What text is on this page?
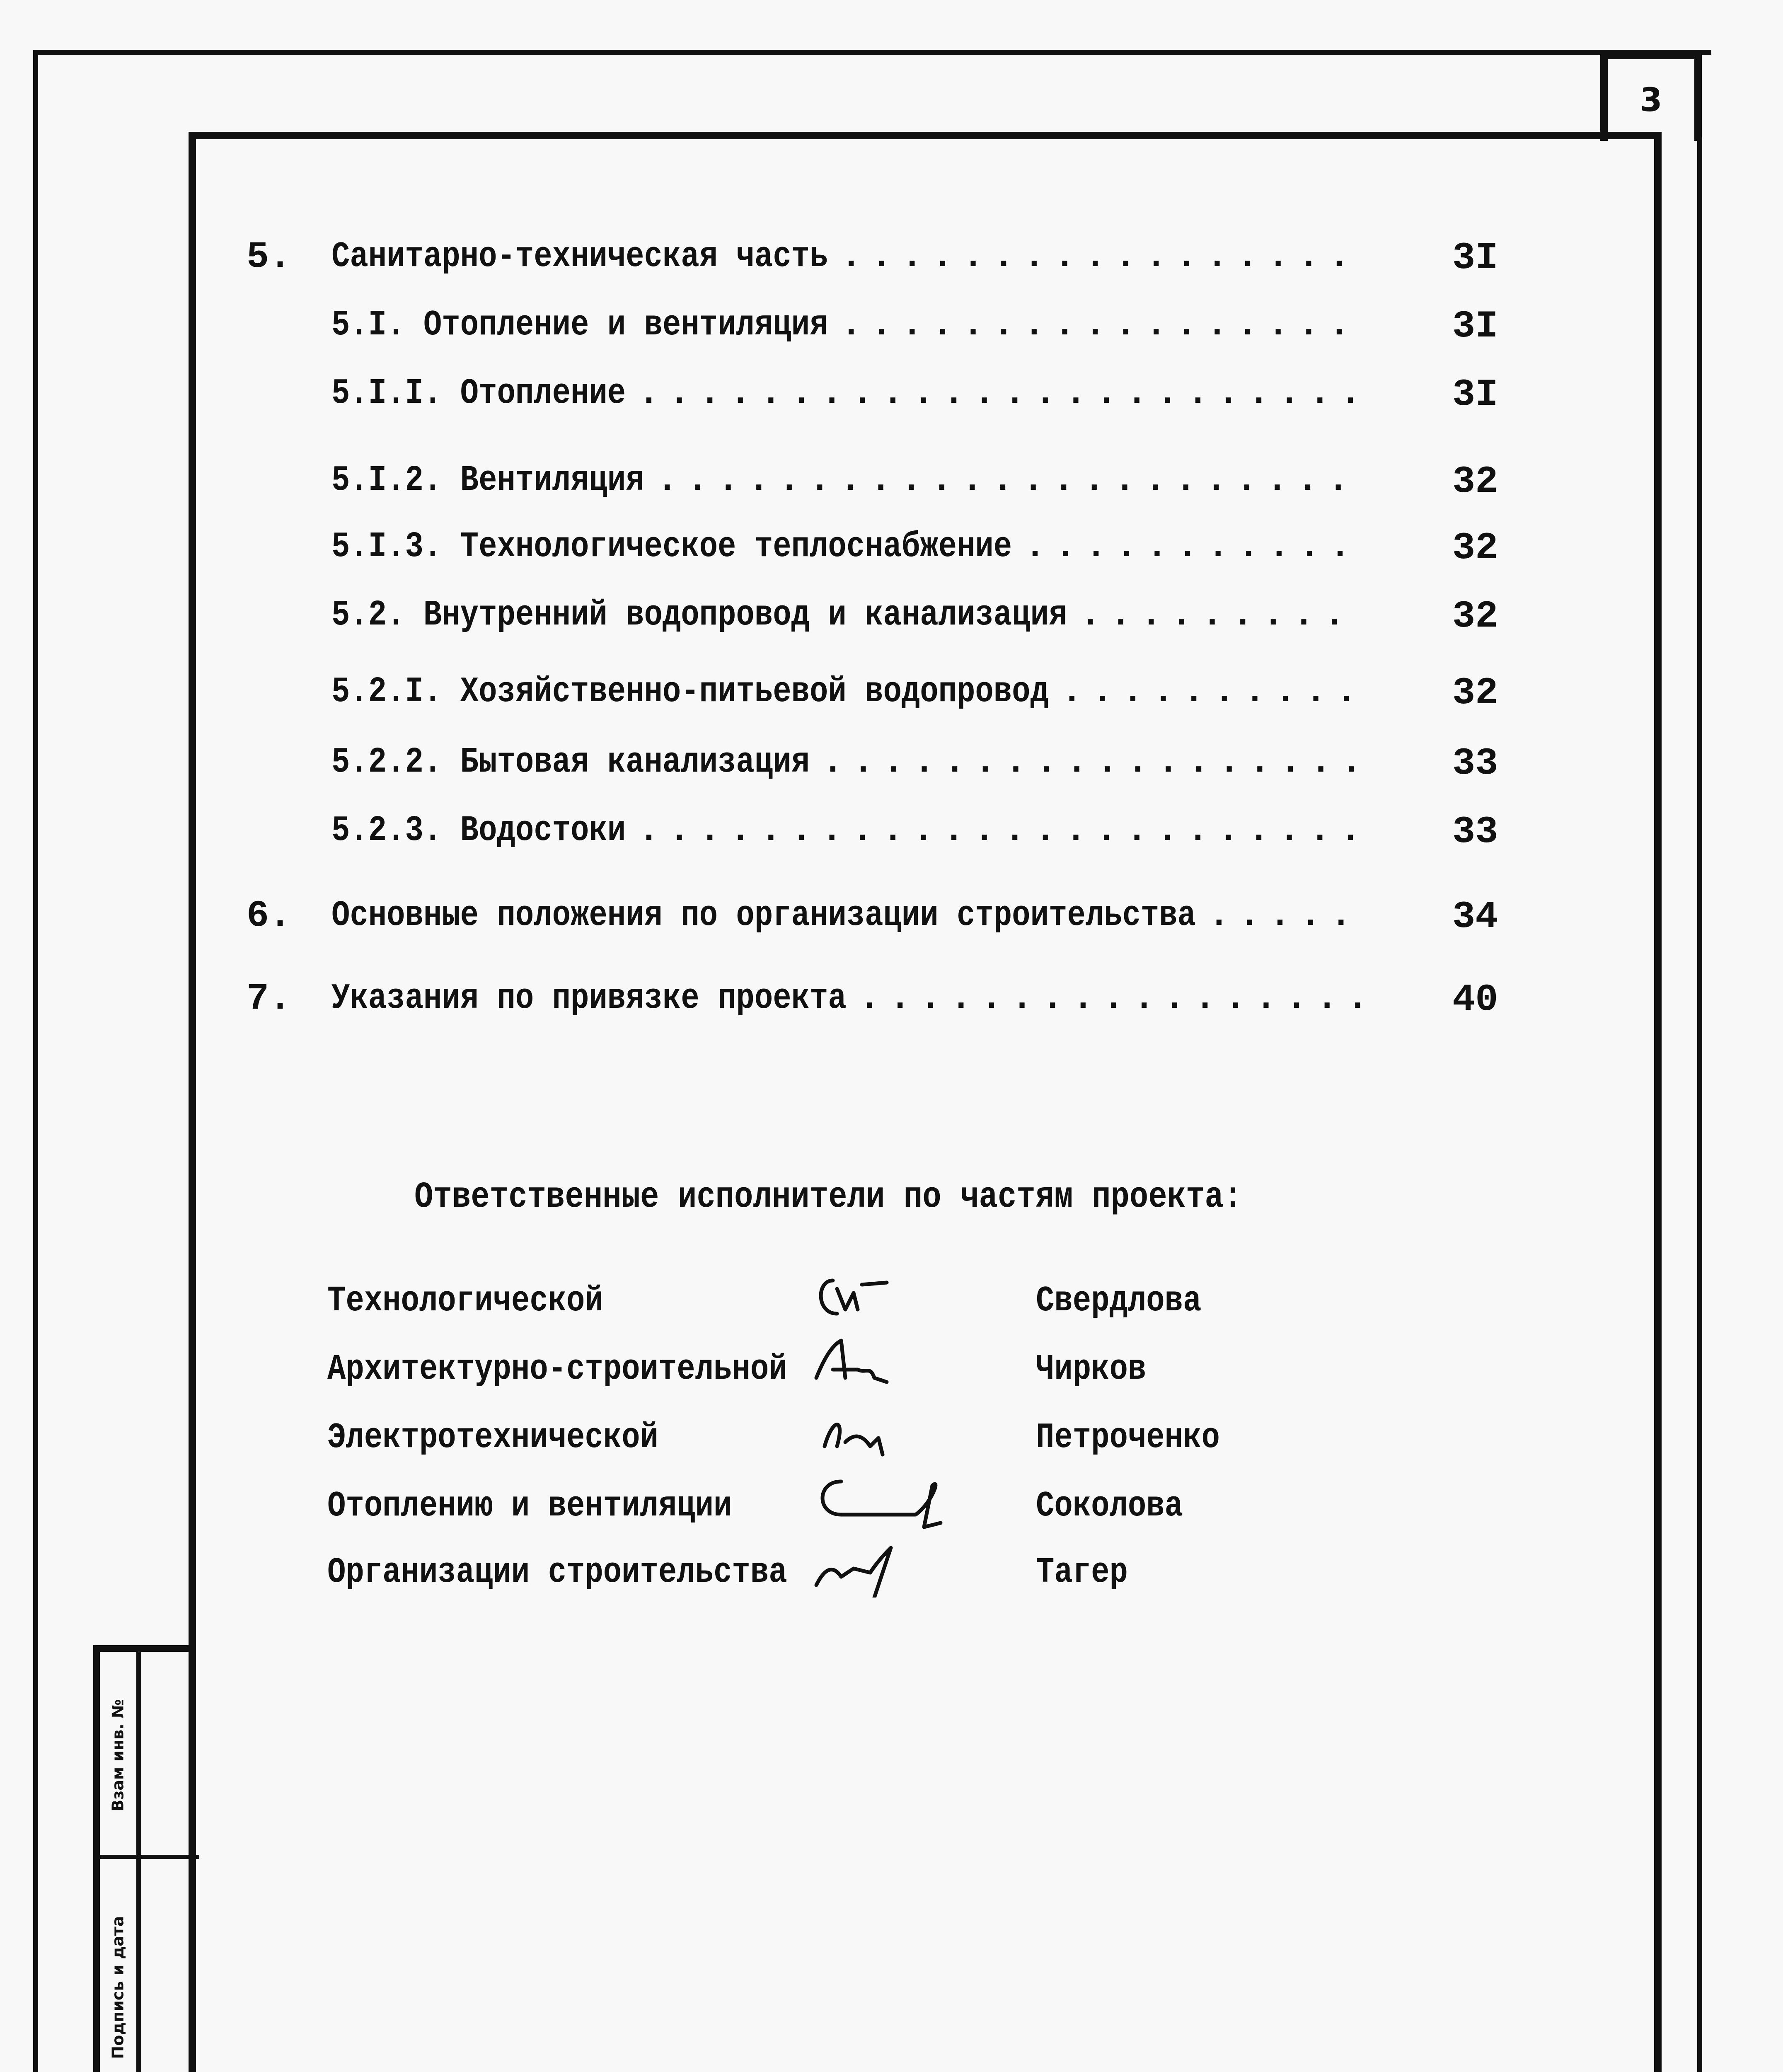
3
5. Санитарно-техническая часть ................. 3I
5.I. Отопление и вентиляция ................. 3I
5.I.I. Отопление ........................ 3I
5.I.2. Вентиляция ....................... 32
5.I.3. Технологическое теплоснабжение ........... 32
5.2. Внутренний водопровод и канализация .........	32
5.2.I. Хозяйственно-питьевой водопровод .......... 32
5.2.2. Бытовая канализация .................. 33
5.2.3. Водостоки ........................ 33
6. Основные положения по организации строительства ..... 34
7. Указания по привязке проекта ................. 40
Ответственные исполнители по частям проекта:
Технологической	Свердлова
Архитектурно-строительной	Чирков
Электротехнической	Петроченко
Отоплению и вентиляции	Соколова
Организации строительства	Тагер
Взам инв. №
Подпись и дата
